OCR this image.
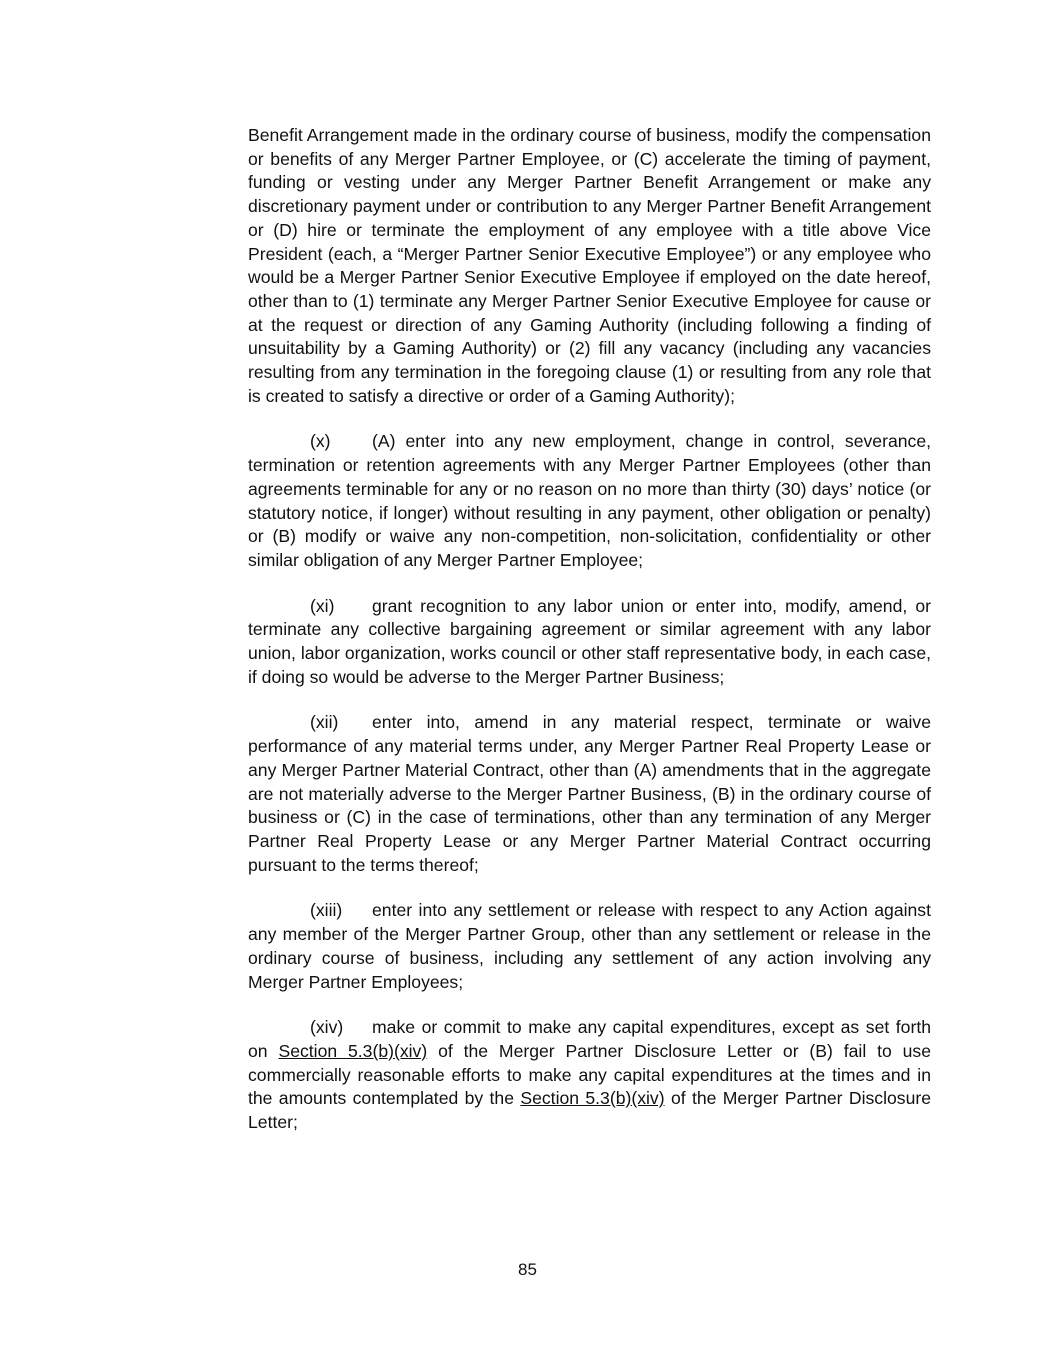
Benefit Arrangement made in the ordinary course of business, modify the compensation or benefits of any Merger Partner Employee, or (C) accelerate the timing of payment, funding or vesting under any Merger Partner Benefit Arrangement or make any discretionary payment under or contribution to any Merger Partner Benefit Arrangement or (D) hire or terminate the employment of any employee with a title above Vice President (each, a “Merger Partner Senior Executive Employee”) or any employee who would be a Merger Partner Senior Executive Employee if employed on the date hereof, other than to (1) terminate any Merger Partner Senior Executive Employee for cause or at the request or direction of any Gaming Authority (including following a finding of unsuitability by a Gaming Authority) or (2) fill any vacancy (including any vacancies resulting from any termination in the foregoing clause (1) or resulting from any role that is created to satisfy a directive or order of a Gaming Authority);

(x) (A) enter into any new employment, change in control, severance, termination or retention agreements with any Merger Partner Employees (other than agreements terminable for any or no reason on no more than thirty (30) days’ notice (or statutory notice, if longer) without resulting in any payment, other obligation or penalty) or (B) modify or waive any non-competition, non-solicitation, confidentiality or other similar obligation of any Merger Partner Employee;

(xi) grant recognition to any labor union or enter into, modify, amend, or terminate any collective bargaining agreement or similar agreement with any labor union, labor organization, works council or other staff representative body, in each case, if doing so would be adverse to the Merger Partner Business;

(xii) enter into, amend in any material respect, terminate or waive performance of any material terms under, any Merger Partner Real Property Lease or any Merger Partner Material Contract, other than (A) amendments that in the aggregate are not materially adverse to the Merger Partner Business, (B) in the ordinary course of business or (C) in the case of terminations, other than any termination of any Merger Partner Real Property Lease or any Merger Partner Material Contract occurring pursuant to the terms thereof;

(xiii) enter into any settlement or release with respect to any Action against any member of the Merger Partner Group, other than any settlement or release in the ordinary course of business, including any settlement of any action involving any Merger Partner Employees;

(xiv) make or commit to make any capital expenditures, except as set forth on Section 5.3(b)(xiv) of the Merger Partner Disclosure Letter or (B) fail to use commercially reasonable efforts to make any capital expenditures at the times and in the amounts contemplated by the Section 5.3(b)(xiv) of the Merger Partner Disclosure Letter;

85
